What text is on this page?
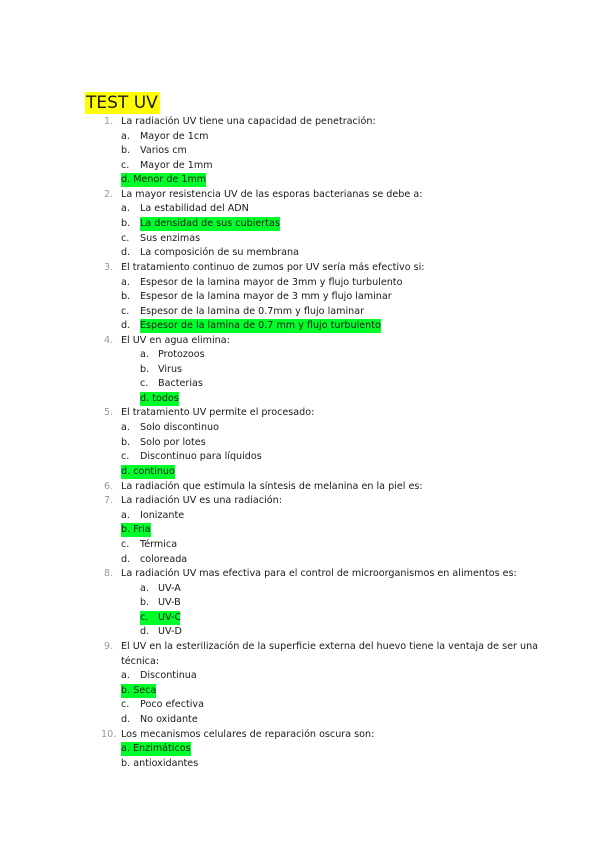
TEST UV
1. La radiación UV tiene una capacidad de penetración:
a. Mayor de 1cm
b. Varios cm
c. Mayor de 1mm
d. Menor de 1mm
2. La mayor resistencia UV de las esporas bacterianas se debe a:
a. La estabilidad del ADN
b. La densidad de sus cubiertas
c. Sus enzimas
d. La composición de su membrana
3. El tratamiento continuo de zumos por UV sería más efectivo si:
a. Espesor de la lamina mayor de 3mm y flujo turbulento
b. Espesor de la lamina mayor de 3 mm y flujo laminar
c. Espesor de la lamina de 0.7mm y flujo laminar
d. Espesor de la lamina de 0.7 mm y flujo turbulento
4. El UV en agua elimina:
a. Protozoos
b. Virus
c. Bacterias
d. todos
5. El tratamiento UV permite el procesado:
a. Solo discontinuo
b. Solo por lotes
c. Discontinuo para líquidos
d. continuo
6. La radiación que estimula la síntesis de melanina en la piel es:
7. La radiación UV es una radiación:
a. Ionizante
b. Fria
c. Térmica
d. coloreada
8. La radiación UV mas efectiva para el control de microorganismos en alimentos es:
a. UV-A
b. UV-B
c. UV-C
d. UV-D
9. El UV en la esterilización de la superficie externa del huevo tiene la ventaja de ser una
técnica:
a. Discontinua
b. Seca
c. Poco efectiva
d. No oxidante
10. Los mecanismos celulares de reparación oscura son:
a. Enzimáticos
b. antioxidantes
